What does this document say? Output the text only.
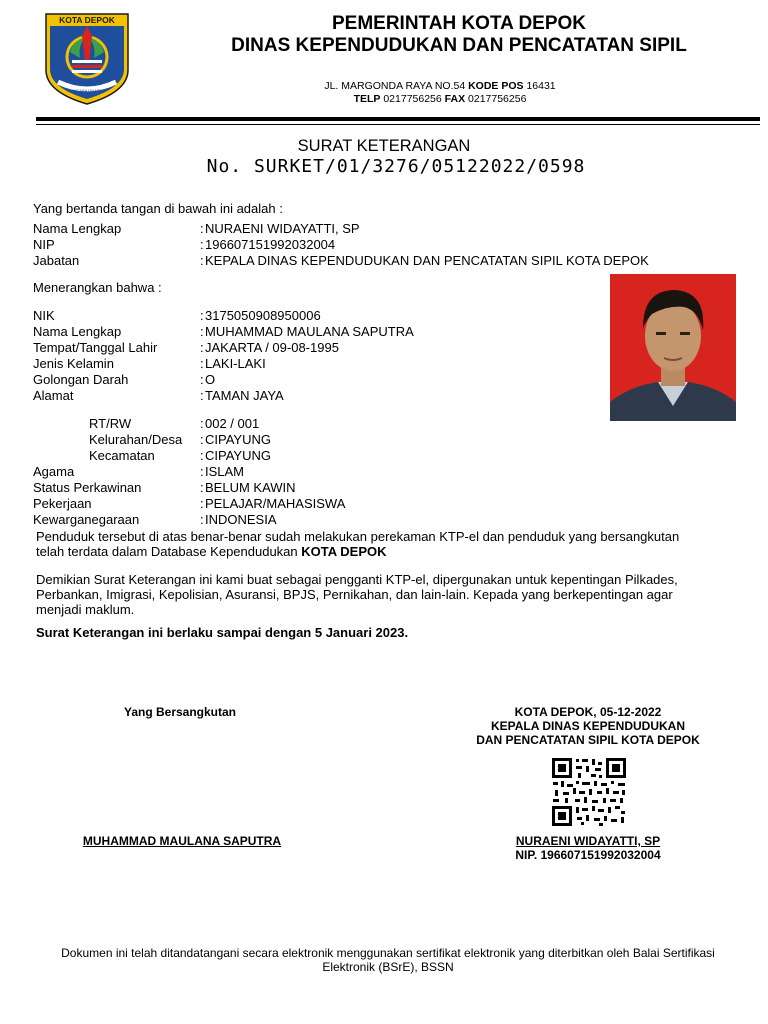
KOTA DEPOK
PANCARA DHARMA
PEMERINTAH KOTA DEPOK
DINAS KEPENDUDUKAN DAN PENCATATAN SIPIL
JL. MARGONDA RAYA NO.54 KODE POS 16431
TELP 0217756256 FAX 0217756256
SURAT KETERANGAN
No. SURKET/01/3276/05122022/0598
Yang bertanda tangan di bawah ini adalah :
Nama Lengkap	: NURAENI WIDAYATTI, SP
NIP	: 196607151992032004
Jabatan	: KEPALA DINAS KEPENDUDUKAN DAN PENCATATAN SIPIL KOTA DEPOK
Menerangkan bahwa :
NIK	: 3175050908950006
Nama Lengkap	: MUHAMMAD MAULANA SAPUTRA
Tempat/Tanggal Lahir	: JAKARTA / 09-08-1995
Jenis Kelamin	: LAKI-LAKI
Golongan Darah	: O
Alamat	: TAMAN JAYA
RT/RW	: 002 / 001
Kelurahan/Desa : CIPAYUNG
Kecamatan	: CIPAYUNG
Agama	: ISLAM
Status Perkawinan	: BELUM KAWIN
Pekerjaan	: PELAJAR/MAHASISWA
Kewarganegaraan	: INDONESIA
Penduduk tersebut di atas benar-benar sudah melakukan perekaman KTP-el dan penduduk yang bersangkutan
telah terdata dalam Database Kependudukan KOTA DEPOK
Demikian Surat Keterangan ini kami buat sebagai pengganti KTP-el, dipergunakan untuk kepentingan Pilkades,
Perbankan, Imigrasi, Kepolisian, Asuransi, BPJS, Pernikahan, dan lain-lain. Kepada yang berkepentingan agar
menjadi maklum.
Surat Keterangan ini berlaku sampai dengan 5 Januari 2023.
Yang Bersangkutan	KOTA DEPOK, 05-12-2022
KEPALA DINAS KEPENDUDUKAN
DAN PENCATATAN SIPIL KOTA DEPOK
MUHAMMAD MAULANA SAPUTRA	NURAENI WIDAYATTI, SP
NIP. 196607151992032004
Dokumen ini telah ditandatangani secara elektronik menggunakan sertifikat elektronik yang diterbitkan oleh Balai Sertifikasi
Elektronik (BSrE), BSSN
